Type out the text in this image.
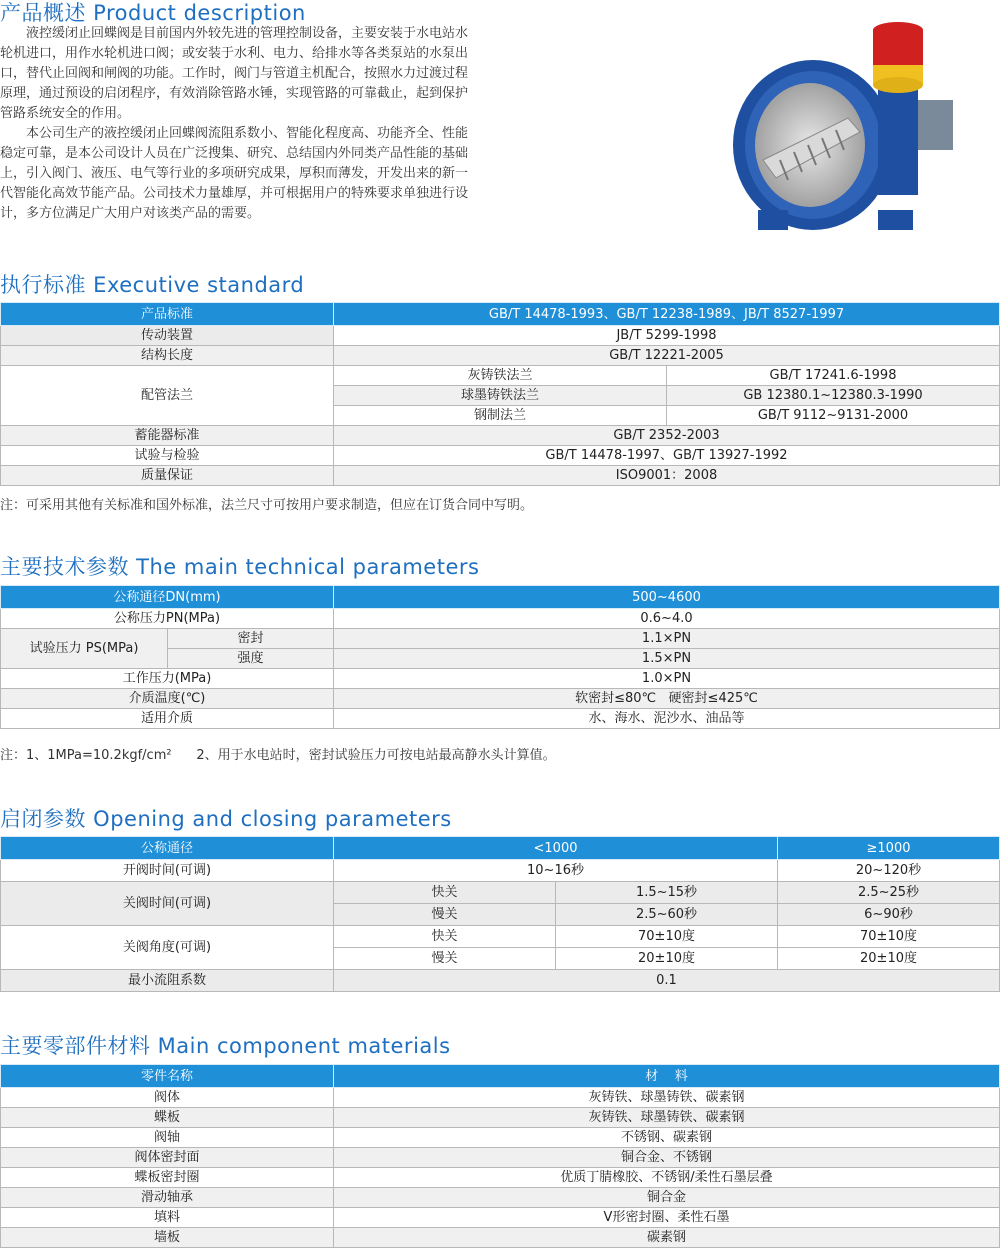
产品概述 Product description

液控缓闭止回蝶阀是目前国内外较先进的管理控制设备，主要安装于水电站水轮机进口，用作水轮机进口阀；或安装于水利、电力、给排水等各类泵站的水泵出口，替代止回阀和闸阀的功能。工作时，阀门与管道主机配合，按照水力过渡过程原理，通过预设的启闭程序，有效消除管路水锤，实现管路的可靠截止，起到保护管路系统安全的作用。

本公司生产的液控缓闭止回蝶阀流阻系数小、智能化程度高、功能齐全、性能稳定可靠，是本公司设计人员在广泛搜集、研究、总结国内外同类产品性能的基础上，引入阀门、液压、电气等行业的多项研究成果，厚积而薄发，开发出来的新一代智能化高效节能产品。公司技术力量雄厚，并可根据用户的特殊要求单独进行设计，多方位满足广大用户对该类产品的需要。

执行标准 Executive standard
产品标准	GB/T 14478-1993、GB/T 12238-1989、JB/T 8527-1997	
传动装置	JB/T 5299-1998	
结构长度	GB/T 12221-2005	
配管法兰	灰铸铁法兰	GB/T 17241.6-1998
	球墨铸铁法兰	GB 12380.1~12380.3-1990
	钢制法兰	GB/T 9112~9131-2000
蓄能器标准	GB/T 2352-2003	
试验与检验	GB/T 14478-1997、GB/T 13927-1992	
质量保证	ISO9001：2008	
注：可采用其他有关标准和国外标准，法兰尺寸可按用户要求制造，但应在订货合同中写明。
主要技术参数 The main technical parameters
公称通径DN(mm)		500~4600
公称压力PN(MPa)		0.6~4.0
试验压力 PS(MPa)	密封	1.1×PN
	强度	1.5×PN
工作压力(MPa)		1.0×PN
介质温度(℃)		软密封≤80℃   硬密封≤425℃
适用介质		水、海水、泥沙水、油品等
注：1、1MPa=10.2kgf/cm²      2、用于水电站时，密封试验压力可按电站最高静水头计算值。
启闭参数 Opening and closing parameters
公称通径	<1000		≥1000
开阀时间(可调)	10~16秒		20~120秒
关阀时间(可调)	快关	1.5~15秒	2.5~25秒
	慢关	2.5~60秒	6~90秒
关阀角度(可调)	快关	70±10度	70±10度
	慢关	20±10度	20±10度
最小流阻系数	0.1		
主要零部件材料 Main component materials
零件名称	材    料
阀体	灰铸铁、球墨铸铁、碳素钢
蝶板	灰铸铁、球墨铸铁、碳素钢
阀轴	不锈钢、碳素钢
阀体密封面	铜合金、不锈钢
蝶板密封圈	优质丁腈橡胶、不锈钢/柔性石墨层叠
滑动轴承	铜合金
填料	V形密封圈、柔性石墨
墙板	碳素钢
